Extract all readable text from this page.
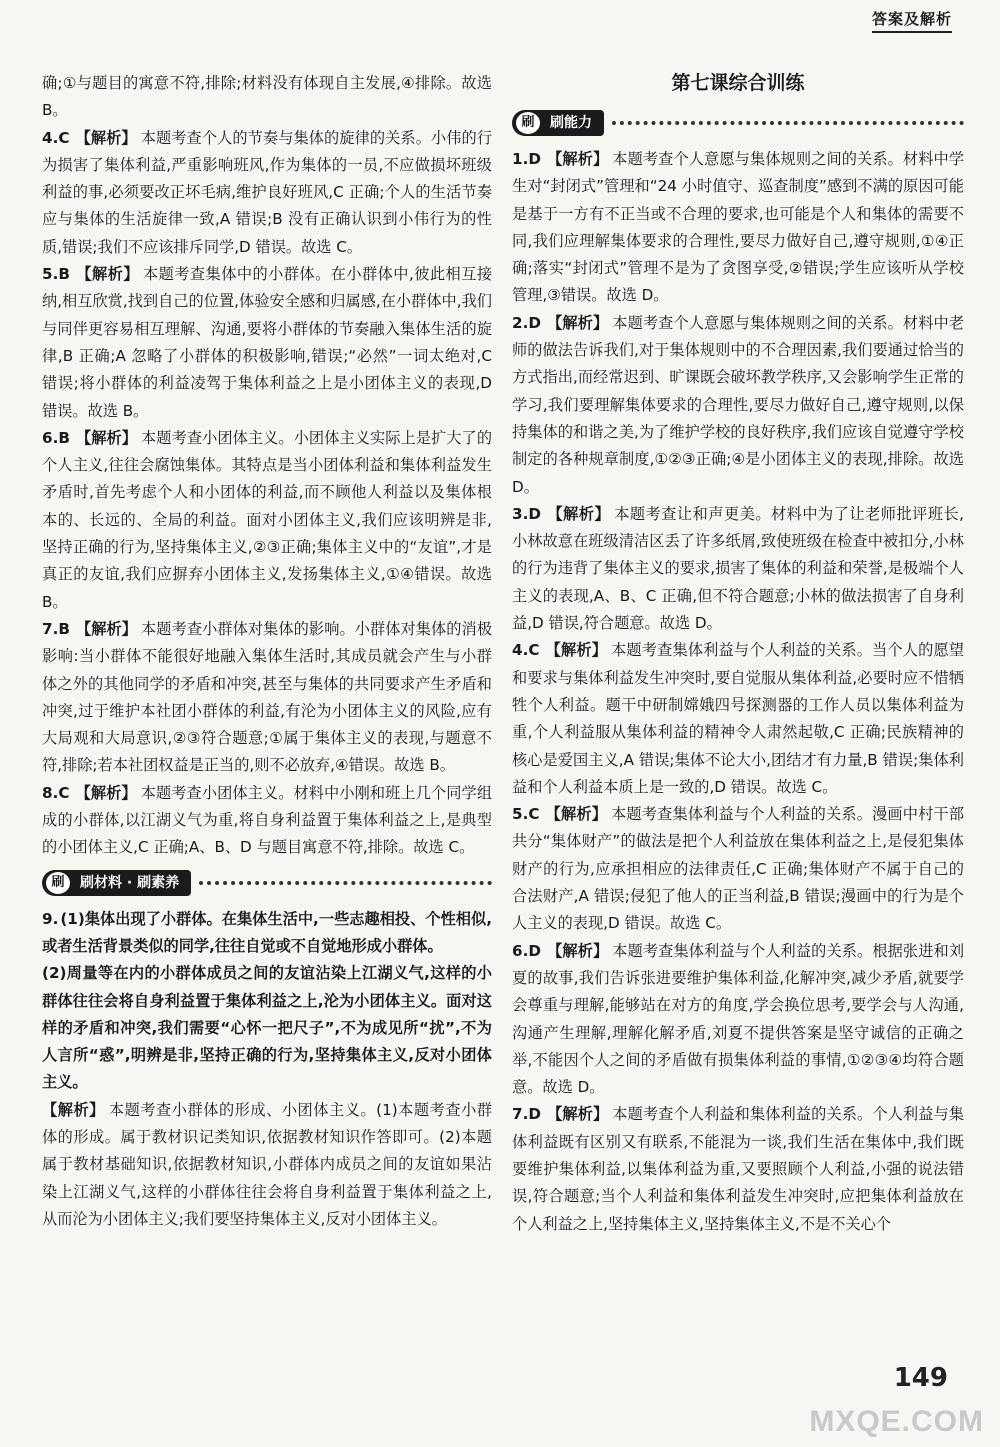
答案及解析

确;①与题目的寓意不符,排除;材料没有体现自主发展,④排除。故选 B。

4.C 【解析】 本题考查个人的节奏与集体的旋律的关系。小伟的行为损害了集体利益,严重影响班风,作为集体的一员,不应做损坏班级利益的事,必须要改正坏毛病,维护良好班风,C 正确;个人的生活节奏应与集体的生活旋律一致,A 错误;B 没有正确认识到小伟行为的性质,错误;我们不应该排斥同学,D 错误。故选 C。

5.B 【解析】 本题考查集体中的小群体。在小群体中,彼此相互接纳,相互欣赏,找到自己的位置,体验安全感和归属感,在小群体中,我们与同伴更容易相互理解、沟通,要将小群体的节奏融入集体生活的旋律,B 正确;A 忽略了小群体的积极影响,错误;“必然”一词太绝对,C 错误;将小群体的利益凌驾于集体利益之上是小团体主义的表现,D 错误。故选 B。

6.B 【解析】 本题考查小团体主义。小团体主义实际上是扩大了的个人主义,往往会腐蚀集体。其特点是当小团体利益和集体利益发生矛盾时,首先考虑个人和小团体的利益,而不顾他人利益以及集体根本的、长远的、全局的利益。面对小团体主义,我们应该明辨是非,坚持正确的行为,坚持集体主义,②③正确;集体主义中的“友谊”,才是真正的友谊,我们应摒弃小团体主义,发扬集体主义,①④错误。故选 B。

7.B 【解析】 本题考查小群体对集体的影响。小群体对集体的消极影响:当小群体不能很好地融入集体生活时,其成员就会产生与小群体之外的其他同学的矛盾和冲突,甚至与集体的共同要求产生矛盾和冲突,过于维护本社团小群体的利益,有沦为小团体主义的风险,应有大局观和大局意识,②③符合题意;①属于集体主义的表现,与题意不符,排除;若本社团权益是正当的,则不必放弃,④错误。故选 B。

8.C 【解析】 本题考查小团体主义。材料中小刚和班上几个同学组成的小群体,以江湖义气为重,将自身利益置于集体利益之上,是典型的小团体主义,C 正确;A、B、D 与题目寓意不符,排除。故选 C。

刷	刷材料 · 刷素养

9. (1)集体出现了小群体。在集体生活中,一些志趣相投、个性相似,或者生活背景类似的同学,往往自觉或不自觉地形成小群体。

(2)周量等在内的小群体成员之间的友谊沾染上江湖义气,这样的小群体往往会将自身利益置于集体利益之上,沦为小团体主义。面对这样的矛盾和冲突,我们需要“心怀一把尺子”,不为成见所“扰”,不为人言所“惑”,明辨是非,坚持正确的行为,坚持集体主义,反对小团体主义。

【解析】 本题考查小群体的形成、小团体主义。(1)本题考查小群体的形成。属于教材识记类知识,依据教材知识作答即可。(2)本题属于教材基础知识,依据教材知识,小群体内成员之间的友谊如果沾染上江湖义气,这样的小群体往往会将自身利益置于集体利益之上,从而沦为小团体主义;我们要坚持集体主义,反对小团体主义。

第七课综合训练
刷	刷能力

1.D 【解析】 本题考查个人意愿与集体规则之间的关系。材料中学生对“封闭式”管理和“24 小时值守、巡查制度”感到不满的原因可能是基于一方有不正当或不合理的要求,也可能是个人和集体的需要不同,我们应理解集体要求的合理性,要尽力做好自己,遵守规则,①④正确;落实“封闭式”管理不是为了贪图享受,②错误;学生应该听从学校管理,③错误。故选 D。

2.D 【解析】 本题考查个人意愿与集体规则之间的关系。材料中老师的做法告诉我们,对于集体规则中的不合理因素,我们要通过恰当的方式指出,而经常迟到、旷课既会破坏教学秩序,又会影响学生正常的学习,我们要理解集体要求的合理性,要尽力做好自己,遵守规则,以保持集体的和谐之美,为了维护学校的良好秩序,我们应该自觉遵守学校制定的各种规章制度,①②③正确;④是小团体主义的表现,排除。故选 D。

3.D 【解析】 本题考查让和声更美。材料中为了让老师批评班长,小林故意在班级清洁区丢了许多纸屑,致使班级在检查中被扣分,小林的行为违背了集体主义的要求,损害了集体的利益和荣誉,是极端个人主义的表现,A、B、C 正确,但不符合题意;小林的做法损害了自身利益,D 错误,符合题意。故选 D。

4.C 【解析】 本题考查集体利益与个人利益的关系。当个人的愿望和要求与集体利益发生冲突时,要自觉服从集体利益,必要时应不惜牺牲个人利益。题干中研制嫦娥四号探测器的工作人员以集体利益为重,个人利益服从集体利益的精神令人肃然起敬,C 正确;民族精神的核心是爱国主义,A 错误;集体不论大小,团结才有力量,B 错误;集体利益和个人利益本质上是一致的,D 错误。故选 C。

5.C 【解析】 本题考查集体利益与个人利益的关系。漫画中村干部共分“集体财产”的做法是把个人利益放在集体利益之上,是侵犯集体财产的行为,应承担相应的法律责任,C 正确;集体财产不属于自己的合法财产,A 错误;侵犯了他人的正当利益,B 错误;漫画中的行为是个人主义的表现,D 错误。故选 C。

6.D 【解析】 本题考查集体利益与个人利益的关系。根据张进和刘夏的故事,我们告诉张进要维护集体利益,化解冲突,减少矛盾,就要学会尊重与理解,能够站在对方的角度,学会换位思考,要学会与人沟通,沟通产生理解,理解化解矛盾,刘夏不提供答案是坚守诚信的正确之举,不能因个人之间的矛盾做有损集体利益的事情,①②③④均符合题意。故选 D。

7.D 【解析】 本题考查个人利益和集体利益的关系。个人利益与集体利益既有区别又有联系,不能混为一谈,我们生活在集体中,我们既要维护集体利益,以集体利益为重,又要照顾个人利益,小强的说法错误,符合题意;当个人利益和集体利益发生冲突时,应把集体利益放在个人利益之上,坚持集体主义,坚持集体主义,不是不关心个

149
MXQE.COM
